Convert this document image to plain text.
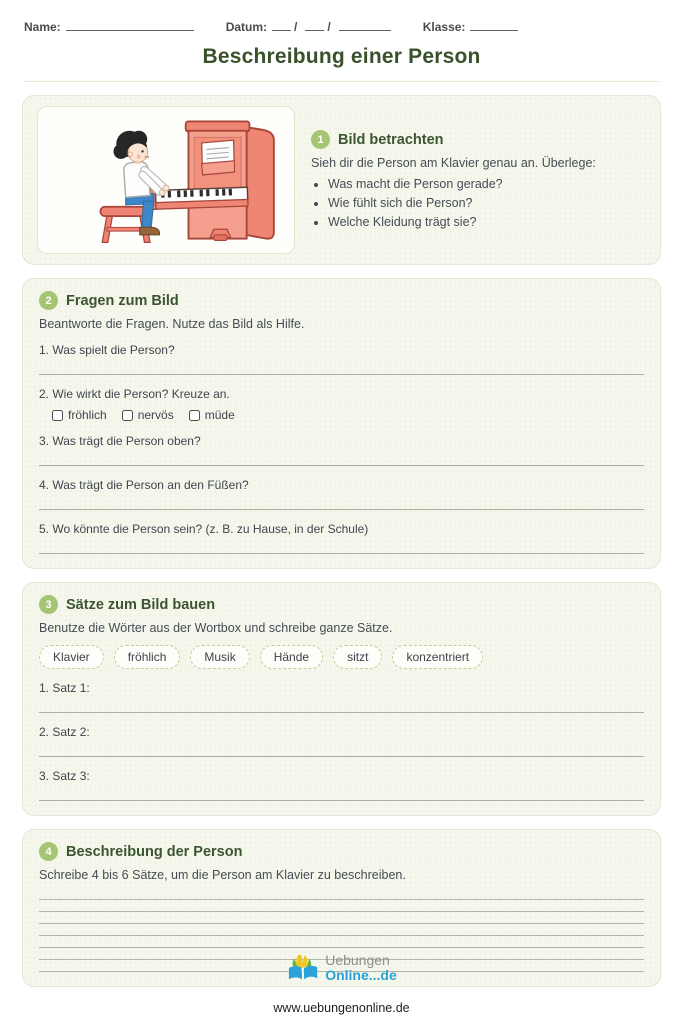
Name:	Datum: /	/	Klasse:
Beschreibung einer Person
1 Bild betrachten
Sieh dir die Person am Klavier genau an. Überlege:
• Was macht die Person gerade?
• Wie fühlt sich die Person?
• Welche Kleidung trägt sie?
2 Fragen zum Bild
Beantworte die Fragen. Nutze das Bild als Hilfe.
1. Was spielt die Person?
2. Wie wirkt die Person? Kreuze an.
fröhlich	nervös	müde
3. Was trägt die Person oben?
4. Was trägt die Person an den Füßen?
5. Wo könnte die Person sein? (z. B. zu Hause, in der Schule)
3 Sätze zum Bild bauen
Benutze die Wörter aus der Wortbox und schreibe ganze Sätze.
Klavier	fröhlich	Musik	Hände	sitzt	konzentriert
1. Satz 1:
2. Satz 2:
3. Satz 3:
4 Beschreibung der Person
Schreibe 4 bis 6 Sätze, um die Person am Klavier zu beschreiben.
Uebungen
Online...de
www.uebungenonline.de
